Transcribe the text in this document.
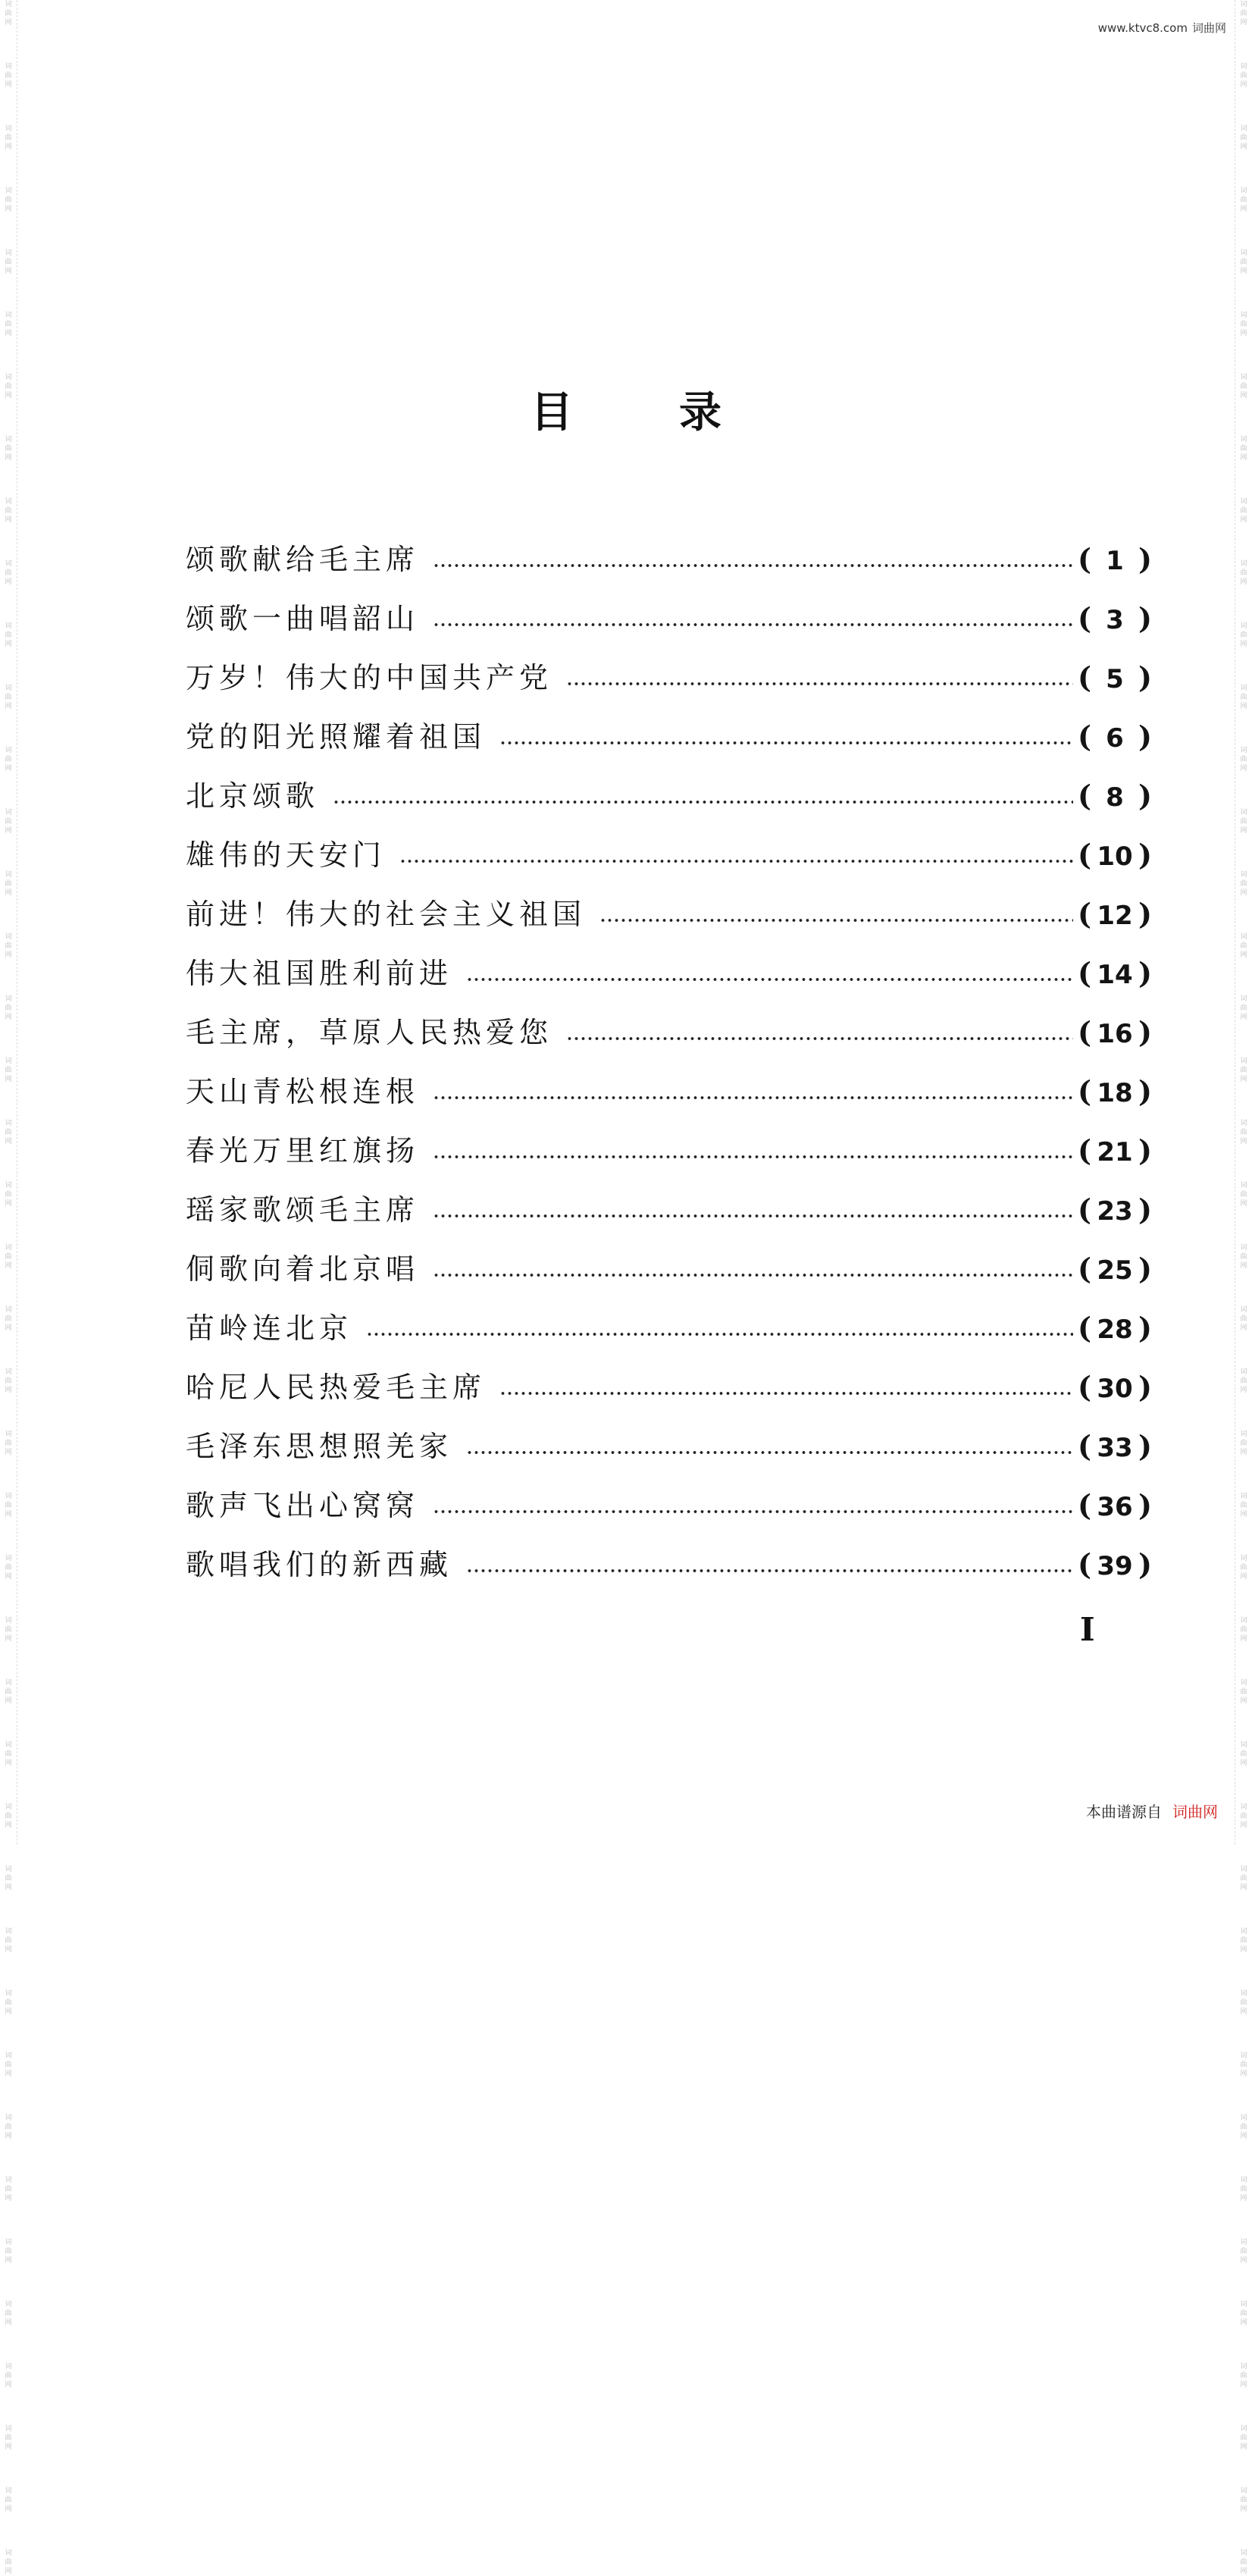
词曲网
词曲网
词曲网
词曲网
词曲网
词曲网
词曲网
词曲网
词曲网
词曲网
词曲网
词曲网
词曲网
词曲网
词曲网
词曲网
词曲网
词曲网
词曲网
词曲网
词曲网
词曲网
词曲网
词曲网
词曲网
词曲网
词曲网
词曲网
词曲网
词曲网
词曲网
词曲网
词曲网
词曲网
词曲网
词曲网
词曲网
词曲网
词曲网
词曲网
词曲网
词曲网
词曲网
词曲网
词曲网
词曲网
词曲网
词曲网
词曲网
词曲网
词曲网
词曲网
词曲网
词曲网
词曲网
词曲网
词曲网
词曲网
词曲网
词曲网
词曲网
词曲网
词曲网
词曲网
词曲网
词曲网
词曲网
词曲网
词曲网
词曲网
词曲网
词曲网
词曲网
词曲网
词曲网
词曲网
词曲网
词曲网
词曲网
词曲网
词曲网
词曲网
词曲网
词曲网
www.ktvc8.com 词曲网
目	录
颂歌献给毛主席	( 1 )
颂歌一曲唱韶山	( 3 )
万岁！伟大的中国共产党	( 5 )
党的阳光照耀着祖国	( 6 )
北京颂歌	( 8 )
雄伟的天安门	( 10 )
前进！伟大的社会主义祖国	( 12 )
伟大祖国胜利前进	( 14 )
毛主席，草原人民热爱您	( 16 )
天山青松根连根	( 18 )
春光万里红旗扬	( 21 )
瑶家歌颂毛主席	( 23 )
侗歌向着北京唱	( 25 )
苗岭连北京	( 28 )
哈尼人民热爱毛主席	( 30 )
毛泽东思想照羌家	( 33 )
歌声飞出心窝窝	( 36 )
歌唱我们的新西藏	( 39 )
I
本曲谱源自 词曲网
